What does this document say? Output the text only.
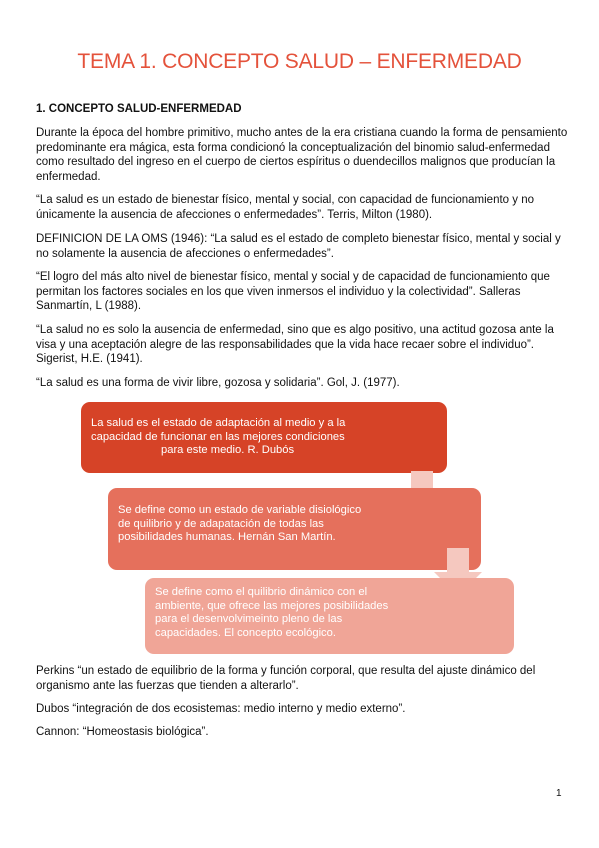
TEMA 1. CONCEPTO SALUD – ENFERMEDAD
1. CONCEPTO SALUD-ENFERMEDAD
Durante la época del hombre primitivo, mucho antes de la era cristiana cuando la forma de pensamiento predominante era mágica, esta forma condicionó la conceptualización del binomio salud-enfermedad como resultado del ingreso en el cuerpo de ciertos espíritus o duendecillos malignos que producían la enfermedad.
“La salud es un estado de bienestar físico, mental y social, con capacidad de funcionamiento y no únicamente la ausencia de afecciones o enfermedades”. Terris, Milton (1980).
DEFINICION DE LA OMS (1946): “La salud es el estado de completo bienestar físico, mental y social y no solamente la ausencia de afecciones o enfermedades”.
“El logro del más alto nivel de bienestar físico, mental y social y de capacidad de funcionamiento que permitan los factores sociales en los que viven inmersos el individuo y la colectividad”. Salleras Sanmartín, L (1988).
“La salud no es solo la ausencia de enfermedad, sino que es algo positivo, una actitud gozosa ante la visa y una aceptación alegre de las responsabilidades que la vida hace recaer sobre el individuo”. Sigerist, H.E. (1941).
“La salud es una forma de vivir libre, gozosa y solidaria”. Gol, J. (1977).
La salud es el estado de adaptación al medio y a la
capacidad de funcionar en las mejores condiciones
para este medio. R. Dubós
Se define como un estado de variable disiológico
de quilibrio y de adapatación de todas las
posibilidades humanas. Hernán San Martín.
Se define como el quilibrio dinámico con el
ambiente, que ofrece las mejores posibilidades
para el desenvolvimeinto pleno de las
capacidades. El concepto ecológico.
Perkins “un estado de equilibrio de la forma y función corporal, que resulta del ajuste dinámico del organismo ante las fuerzas que tienden a alterarlo”.
Dubos “integración de dos ecosistemas: medio interno y medio externo”.
Cannon: “Homeostasis biológica”.
1
